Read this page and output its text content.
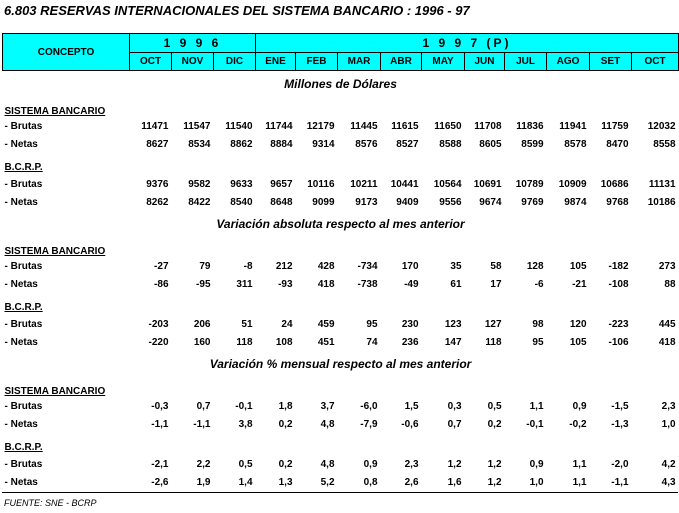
6.803 RESERVAS INTERNACIONALES DEL SISTEMA BANCARIO : 1996 - 97
CONCEPTO	1 9 9 6			1 9 9 7 (P)									
	OCT	NOV	DIC	ENE	FEB	MAR	ABR	MAY	JUN	JUL	AGO	SET	OCT
Millones de Dólares													
SISTEMA BANCARIO													
- Brutas	11471	11547	11540	11744	12179	11445	11615	11650	11708	11836	11941	11759	12032
- Netas	8627	8534	8862	8884	9314	8576	8527	8588	8605	8599	8578	8470	8558

B.C.R.P.													
- Brutas	9376	9582	9633	9657	10116	10211	10441	10564	10691	10789	10909	10686	11131
- Netas	8262	8422	8540	8648	9099	9173	9409	9556	9674	9769	9874	9768	10186
Variación absoluta respecto al mes anterior													
SISTEMA BANCARIO													
- Brutas	-27	79	-8	212	428	-734	170	35	58	128	105	-182	273
- Netas	-86	-95	311	-93	418	-738	-49	61	17	-6	-21	-108	88

B.C.R.P.													
- Brutas	-203	206	51	24	459	95	230	123	127	98	120	-223	445
- Netas	-220	160	118	108	451	74	236	147	118	95	105	-106	418
Variación % mensual respecto al mes anterior													
SISTEMA BANCARIO													
- Brutas	-0,3	0,7	-0,1	1,8	3,7	-6,0	1,5	0,3	0,5	1,1	0,9	-1,5	2,3
- Netas	-1,1	-1,1	3,8	0,2	4,8	-7,9	-0,6	0,7	0,2	-0,1	-0,2	-1,3	1,0

B.C.R.P.													
- Brutas	-2,1	2,2	0,5	0,2	4,8	0,9	2,3	1,2	1,2	0,9	1,1	-2,0	4,2
- Netas	-2,6	1,9	1,4	1,3	5,2	0,8	2,6	1,6	1,2	1,0	1,1	-1,1	4,3
FUENTE: SNE - BCRP
